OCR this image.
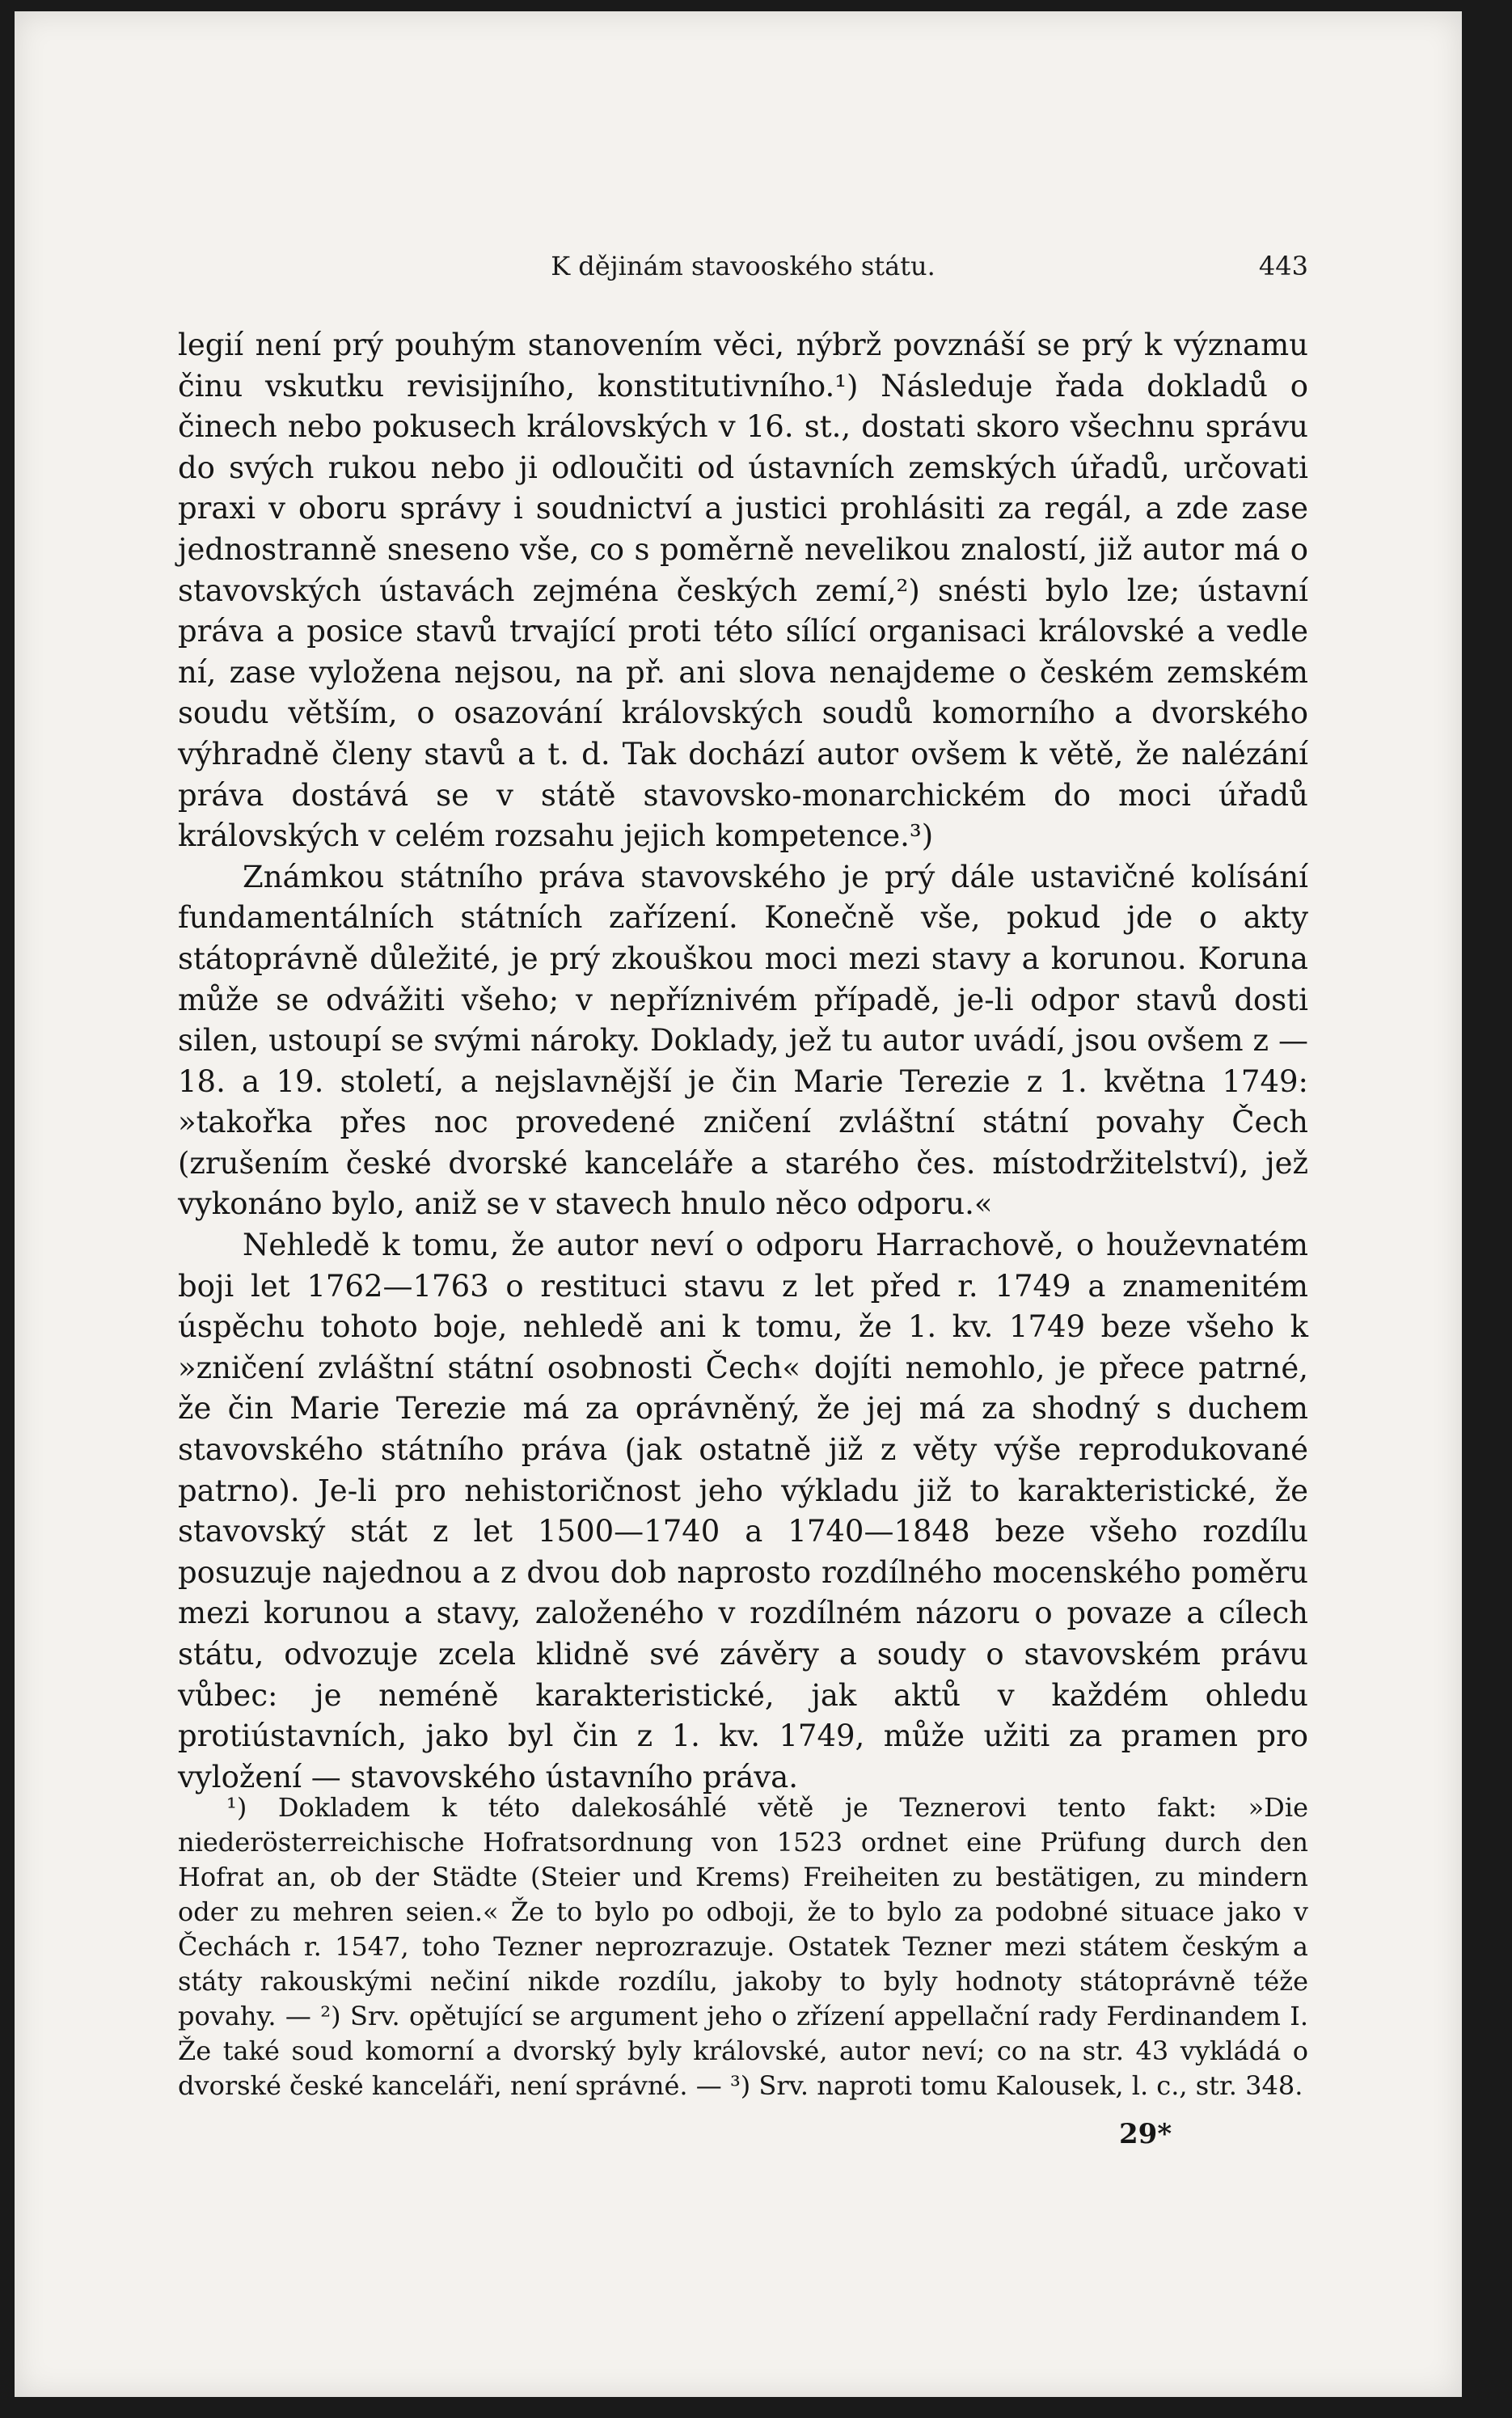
K dějinám stavooského státu.	443

legií není prý pouhým stanovením věci, nýbrž povznáší se prý k významu činu vskutku revisijního, konstitutivního.¹) Následuje řada dokladů o činech nebo pokusech královských v 16. st., dostati skoro všechnu správu do svých rukou nebo ji odloučiti od ústavních zemských úřadů, určovati praxi v oboru správy i soudnictví a justici prohlásiti za regál, a zde zase jednostranně sneseno vše, co s poměrně nevelikou znalostí, již autor má o stavovských ústavách zejména českých zemí,²) snésti bylo lze; ústavní práva a posice stavů trvající proti této sílící organisaci královské a vedle ní, zase vyložena nejsou, na př. ani slova nenajdeme o českém zemském soudu větším, o osazování královských soudů komorního a dvorského výhradně členy stavů a t. d. Tak dochází autor ovšem k větě, že nalézání práva dostává se v státě stavovsko-monarchickém do moci úřadů královských v celém rozsahu jejich kompetence.³)

Známkou státního práva stavovského je prý dále ustavičné kolísání fundamentálních státních zařízení. Konečně vše, pokud jde o akty státoprávně důležité, je prý zkouškou moci mezi stavy a korunou. Koruna může se odvážiti všeho; v nepříznivém případě, je-li odpor stavů dosti silen, ustoupí se svými nároky. Doklady, jež tu autor uvádí, jsou ovšem z — 18. a 19. století, a nejslavnější je čin Marie Terezie z 1. května 1749: »takořka přes noc provedené zničení zvláštní státní povahy Čech (zrušením české dvorské kanceláře a starého čes. místodržitelství), jež vykonáno bylo, aniž se v stavech hnulo něco odporu.«

Nehledě k tomu, že autor neví o odporu Harrachově, o houževnatém boji let 1762—1763 o restituci stavu z let před r. 1749 a znamenitém úspěchu tohoto boje, nehledě ani k tomu, že 1. kv. 1749 beze všeho k »zničení zvláštní státní osobnosti Čech« dojíti nemohlo, je přece patrné, že čin Marie Terezie má za oprávněný, že jej má za shodný s duchem stavovského státního práva (jak ostatně již z věty výše reprodukované patrno). Je-li pro nehistoričnost jeho výkladu již to karakteristické, že stavovský stát z let 1500—1740 a 1740—1848 beze všeho rozdílu posuzuje najednou a z dvou dob naprosto rozdílného mocenského poměru mezi korunou a stavy, založeného v rozdílném názoru o povaze a cílech státu, odvozuje zcela klidně své závěry a soudy o stavovském právu vůbec: je neméně karakteristické, jak aktů v každém ohledu protiústavních, jako byl čin z 1. kv. 1749, může užiti za pramen pro vyložení — stavovského ústavního práva.

¹) Dokladem k této dalekosáhlé větě je Teznerovi tento fakt: »Die niederösterreichische Hofratsordnung von 1523 ordnet eine Prüfung durch den Hofrat an, ob der Städte (Steier und Krems) Freiheiten zu bestätigen, zu mindern oder zu mehren seien.« Že to bylo po odboji, že to bylo za podobné situace jako v Čechách r. 1547, toho Tezner neprozrazuje. Ostatek Tezner mezi státem českým a státy rakouskými nečiní nikde rozdílu, jakoby to byly hodnoty státoprávně téže povahy. — ²) Srv. opětující se argument jeho o zřízení appellační rady Ferdinandem I. Že také soud komorní a dvorský byly královské, autor neví; co na str. 43 vykládá o dvorské české kanceláři, není správné. — ³) Srv. naproti tomu Kalousek, l. c., str. 348.

29*
